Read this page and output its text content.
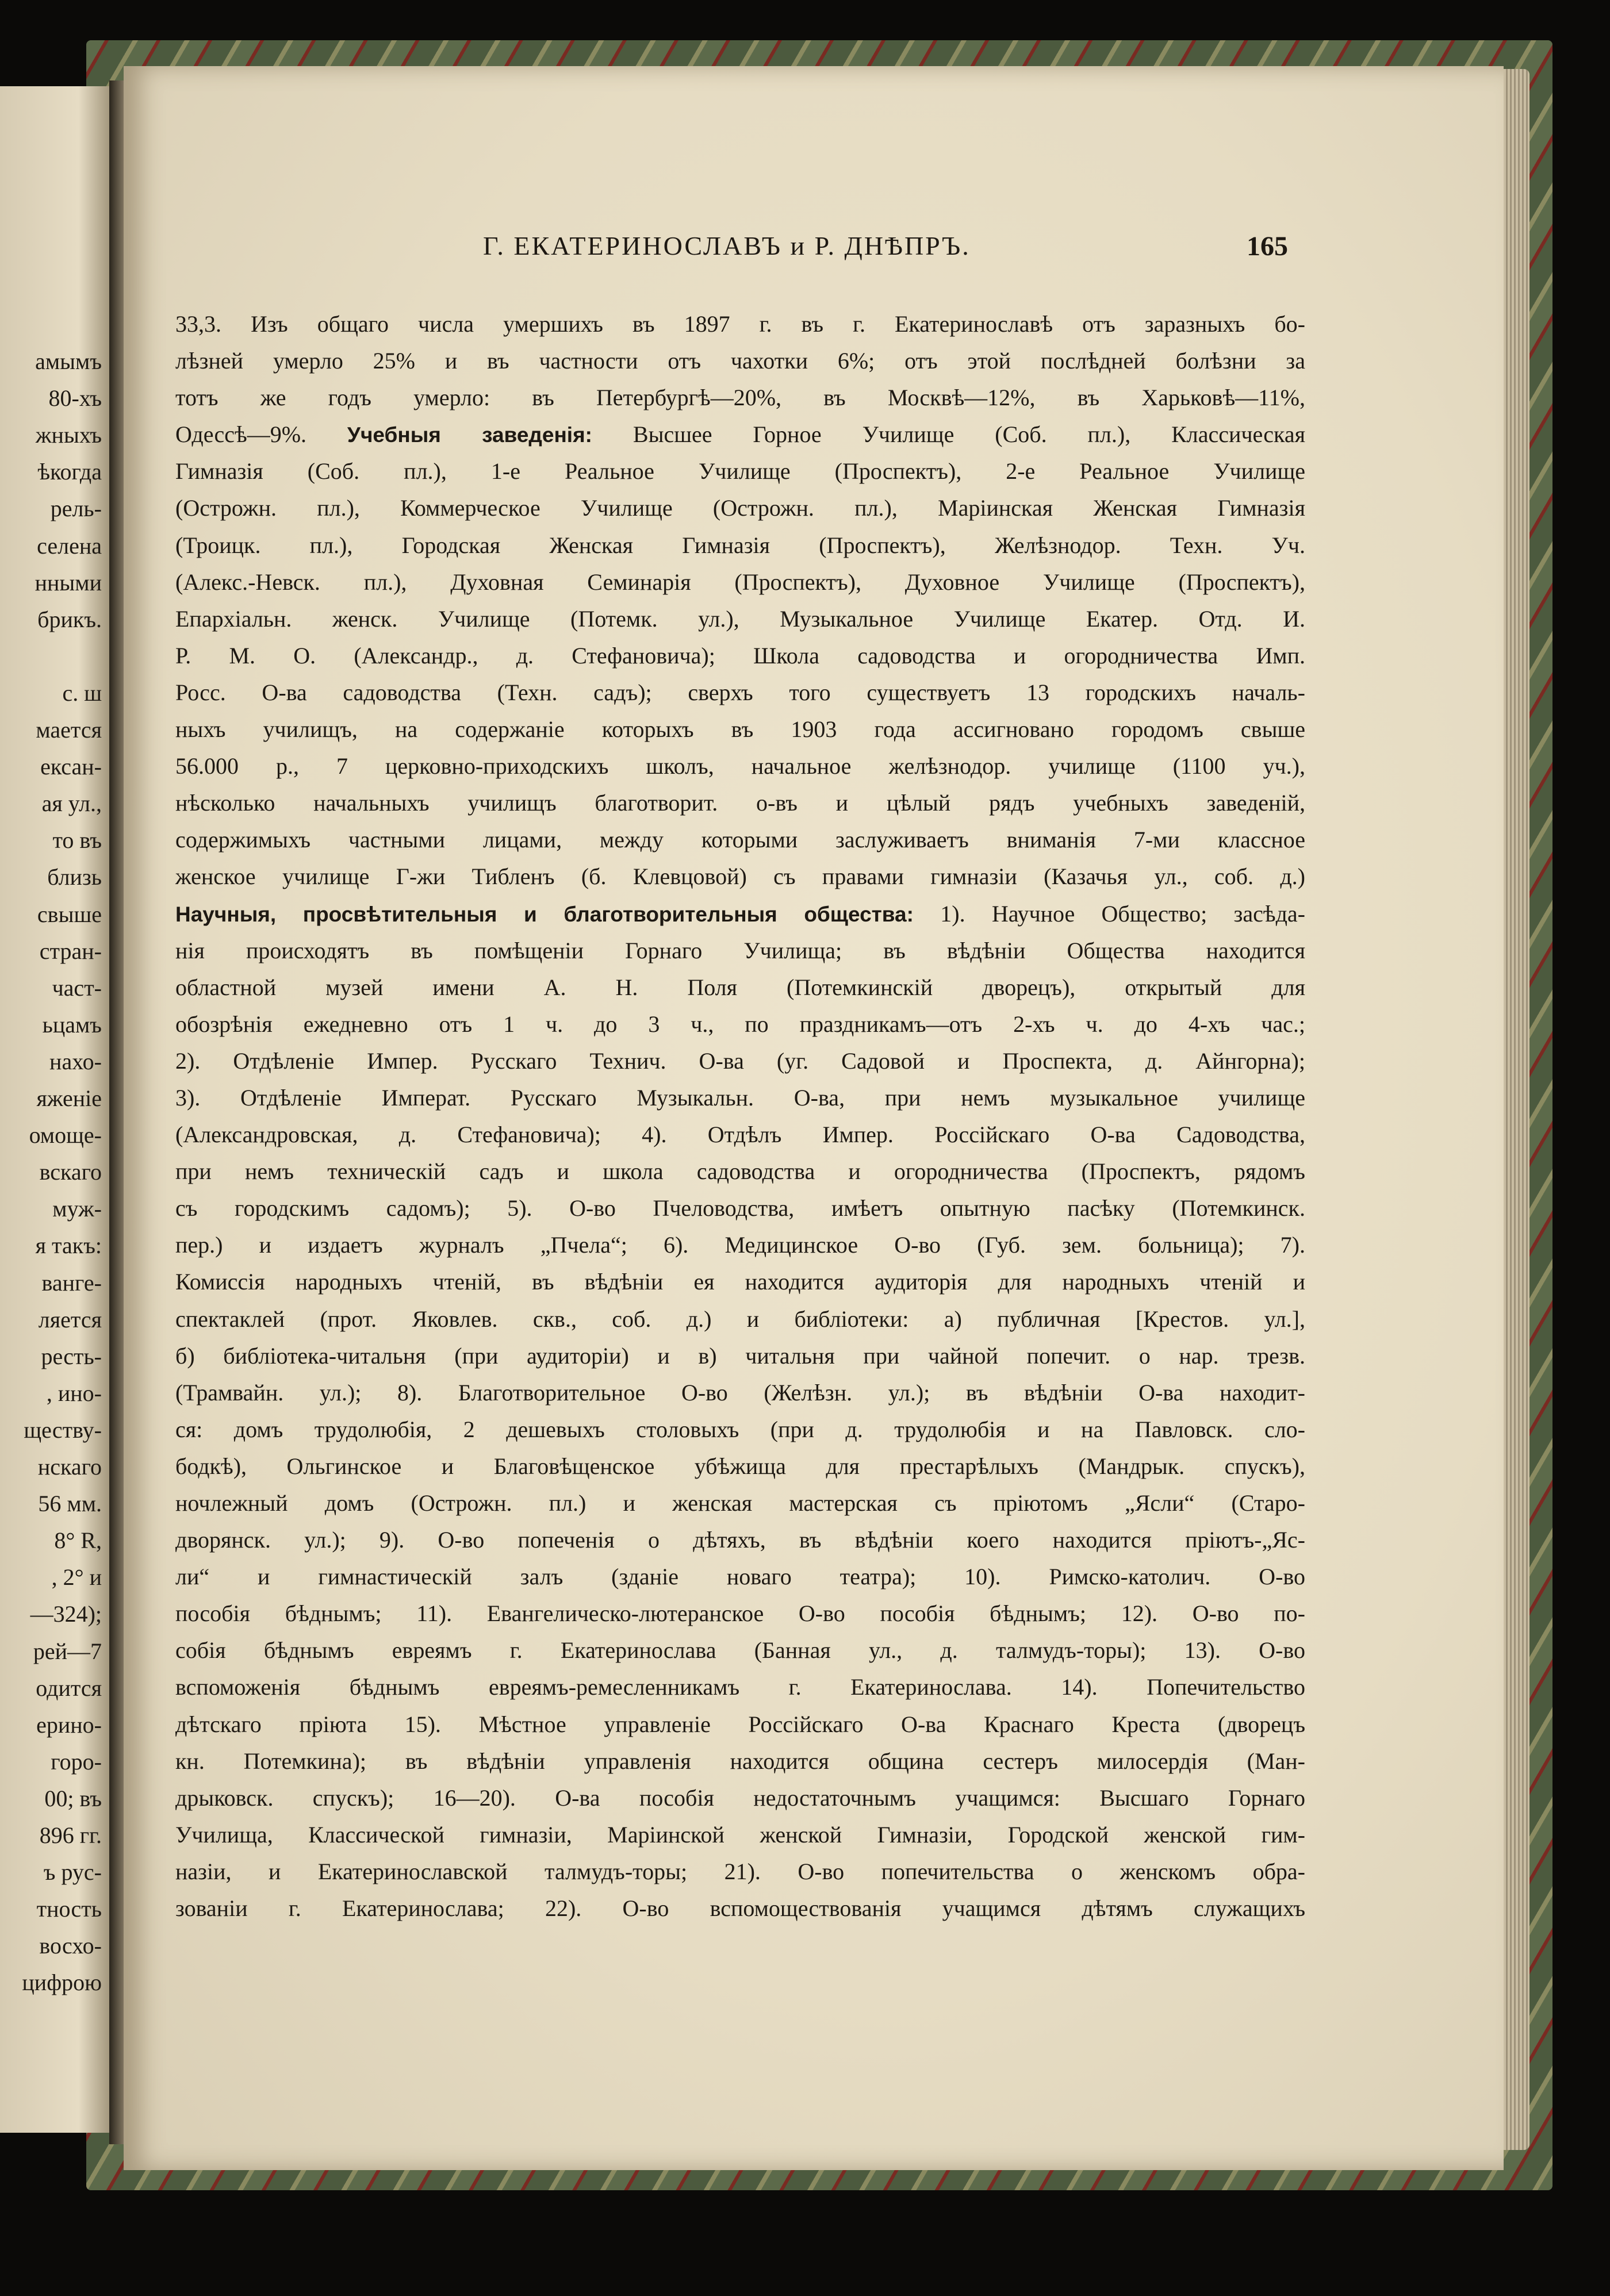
амымъ

80-хъ

жныхъ

ѣкогда

рель-

селена

нными

брикъ.

с. ш

мается

ексан-

ая ул.,

то въ

близь

свыше

стран-

част-

ьцамъ

нахо-

яженіе

омоще-

вскаго

муж-

я такъ:

ванге-

ляется

ресть-

, ино-

ществу-

нскаго

56 мм.

8° R,

, 2° и

—324);

рей—7

одится

ерино-

горо-

00; въ

896 гг.

ъ рус-

тность

восхо-

цифрою

Г. ЕКАТЕРИНОСЛАВЪ и Р. ДНѢПРЪ.	165

33,3. Изъ общаго числа умершихъ въ 1897 г. въ г. Екатеринославѣ отъ заразныхъ бо-
лѣзней умерло 25% и въ частности отъ чахотки 6%; отъ этой послѣдней болѣзни за
тотъ же годъ умерло: въ Петербургѣ—20%, въ Москвѣ—12%, въ Харьковѣ—11%,
Одессѣ—9%. Учебныя заведенія: Высшее Горное Училище (Соб. пл.), Классическая
Гимназія (Соб. пл.), 1-е Реальное Училище (Проспектъ), 2-е Реальное Училище
(Острожн. пл.), Коммерческое Училище (Острожн. пл.), Маріинская Женская Гимназія
(Троицк. пл.), Городская Женская Гимназія (Проспектъ), Желѣзнодор. Техн. Уч.
(Алекс.-Невск. пл.), Духовная Семинарія (Проспектъ), Духовное Училище (Проспектъ),
Епархіальн. женск. Училище (Потемк. ул.), Музыкальное Училище Екатер. Отд. И.
Р. М. О. (Александр., д. Стефановича); Школа садоводства и огородничества Имп.
Росс. О-ва садоводства (Техн. садъ); сверхъ того существуетъ 13 городскихъ началь-
ныхъ училищъ, на содержаніе которыхъ въ 1903 года ассигновано городомъ свыше
56.000 р., 7 церковно-приходскихъ школъ, начальное желѣзнодор. училище (1100 уч.),
нѣсколько начальныхъ училищъ благотворит. о-въ и цѣлый рядъ учебныхъ заведеній,
содержимыхъ частными лицами, между которыми заслуживаетъ вниманія 7-ми классное
женское училище Г-жи Тибленъ (б. Клевцовой) съ правами гимназіи (Казачья ул., соб. д.)
Научныя, просвѣтительныя и благотворительныя общества: 1). Научное Общество; засѣда-
нія происходятъ въ помѣщеніи Горнаго Училища; въ вѣдѣніи Общества находится
областной музей имени А. Н. Поля (Потемкинскій дворецъ), открытый для
обозрѣнія ежедневно отъ 1 ч. до 3 ч., по праздникамъ—отъ 2-хъ ч. до 4-хъ час.;
2). Отдѣленіе Импер. Русскаго Технич. О-ва (уг. Садовой и Проспекта, д. Айнгорна);
3). Отдѣленіе Императ. Русскаго Музыкальн. О-ва, при немъ музыкальное училище
(Александровская, д. Стефановича); 4). Отдѣлъ Импер. Россійскаго О-ва Садоводства,
при немъ техническій садъ и школа садоводства и огородничества (Проспектъ, рядомъ
съ городскимъ садомъ); 5). О-во Пчеловодства, имѣетъ опытную пасѣку (Потемкинск.
пер.) и издаетъ журналъ „Пчела“; 6). Медицинское О-во (Губ. зем. больница); 7).
Комиссія народныхъ чтеній, въ вѣдѣніи ея находится аудиторія для народныхъ чтеній и
спектаклей (прот. Яковлев. скв., соб. д.) и библіотеки: а) публичная [Крестов. ул.],
б) библіотека-читальня (при аудиторіи) и в) читальня при чайной попечит. о нар. трезв.
(Трамвайн. ул.); 8). Благотворительное О-во (Желѣзн. ул.); въ вѣдѣніи О-ва находит-
ся: домъ трудолюбія, 2 дешевыхъ столовыхъ (при д. трудолюбія и на Павловск. сло-
бодкѣ), Ольгинское и Благовѣщенское убѣжища для престарѣлыхъ (Мандрык. спускъ),
ночлежный домъ (Острожн. пл.) и женская мастерская съ пріютомъ „Ясли“ (Старо-
дворянск. ул.); 9). О-во попеченія о дѣтяхъ, въ вѣдѣніи коего находится пріютъ-„Яс-
ли“ и гимнастическій залъ (зданіе новаго театра); 10). Римско-католич. О-во
пособія бѣднымъ; 11). Евангелическо-лютеранское О-во пособія бѣднымъ; 12). О-во по-
собія бѣднымъ евреямъ г. Екатеринослава (Банная ул., д. талмудъ-торы); 13). О-во
вспоможенія бѣднымъ евреямъ-ремесленникамъ г. Екатеринослава. 14). Попечительство
дѣтскаго пріюта 15). Мѣстное управленіе Россійскаго О-ва Краснаго Креста (дворецъ
кн. Потемкина); въ вѣдѣніи управленія находится община сестеръ милосердія (Ман-
дрыковск. спускъ); 16—20). О-ва пособія недостаточнымъ учащимся: Высшаго Горнаго
Училища, Классической гимназіи, Маріинской женской Гимназіи, Городской женской гим-
назіи, и Екатеринославской талмудъ-торы; 21). О-во попечительства о женскомъ обра-
зованіи г. Екатеринослава; 22). О-во вспомоществованія учащимся дѣтямъ служащихъ
